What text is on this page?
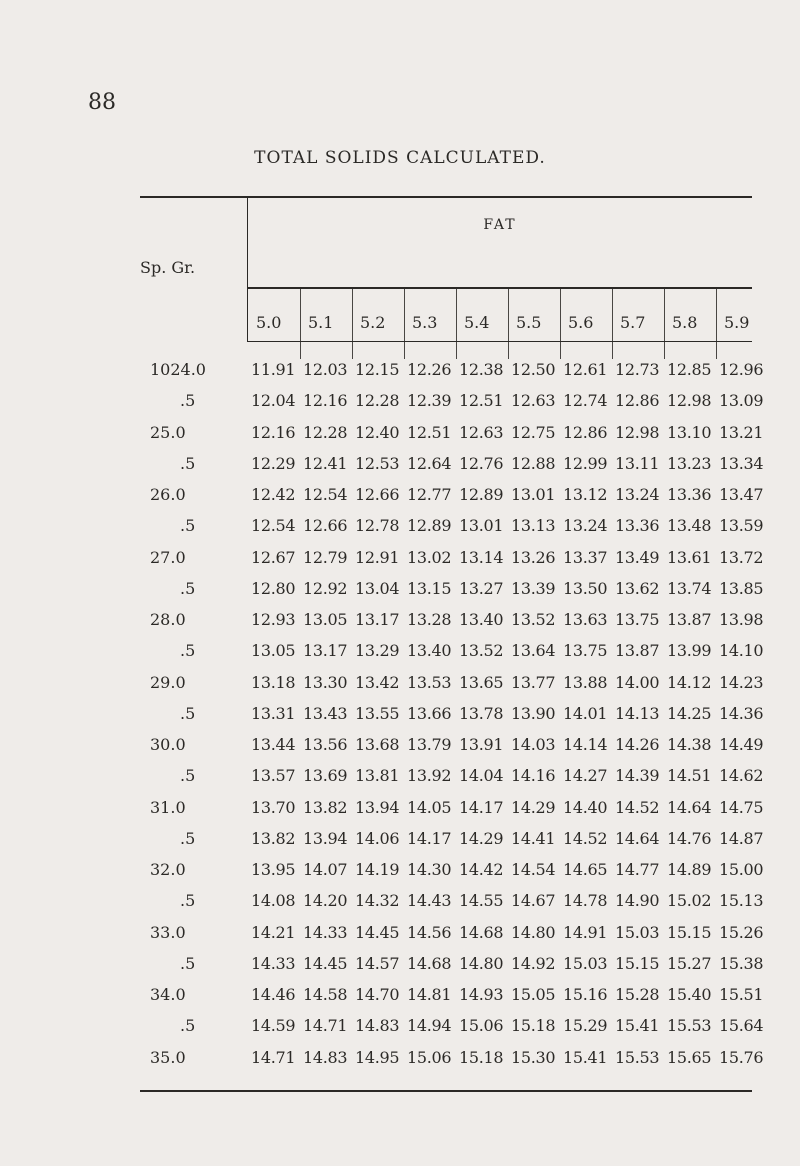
88
TOTAL SOLIDS CALCULATED.
FAT
Sp. Gr.
5.0 5.1 5.2 5.3 5.4 5.5 5.6 5.7 5.8 5.9
1024.0	11.91 12.03 12.15 12.26 12.38 12.50 12.61 12.73 12.85 12.96
.5	12.04 12.16 12.28 12.39 12.51 12.63 12.74 12.86 12.98 13.09
25.0	12.16 12.28 12.40 12.51 12.63 12.75 12.86 12.98 13.10 13.21
.5	12.29 12.41 12.53 12.64 12.76 12.88 12.99 13.11 13.23 13.34
26.0	12.42 12.54 12.66 12.77 12.89 13.01 13.12 13.24 13.36 13.47
.5	12.54 12.66 12.78 12.89 13.01 13.13 13.24 13.36 13.48 13.59
27.0	12.67 12.79 12.91 13.02 13.14 13.26 13.37 13.49 13.61 13.72
.5	12.80 12.92 13.04 13.15 13.27 13.39 13.50 13.62 13.74 13.85
28.0	12.93 13.05 13.17 13.28 13.40 13.52 13.63 13.75 13.87 13.98
.5	13.05 13.17 13.29 13.40 13.52 13.64 13.75 13.87 13.99 14.10
29.0	13.18 13.30 13.42 13.53 13.65 13.77 13.88 14.00 14.12 14.23
.5	13.31 13.43 13.55 13.66 13.78 13.90 14.01 14.13 14.25 14.36
30.0	13.44 13.56 13.68 13.79 13.91 14.03 14.14 14.26 14.38 14.49
.5	13.57 13.69 13.81 13.92 14.04 14.16 14.27 14.39 14.51 14.62
31.0	13.70 13.82 13.94 14.05 14.17 14.29 14.40 14.52 14.64 14.75
.5	13.82 13.94 14.06 14.17 14.29 14.41 14.52 14.64 14.76 14.87
32.0	13.95 14.07 14.19 14.30 14.42 14.54 14.65 14.77 14.89 15.00
.5	14.08 14.20 14.32 14.43 14.55 14.67 14.78 14.90 15.02 15.13
33.0	14.21 14.33 14.45 14.56 14.68 14.80 14.91 15.03 15.15 15.26
.5	14.33 14.45 14.57 14.68 14.80 14.92 15.03 15.15 15.27 15.38
34.0	14.46 14.58 14.70 14.81 14.93 15.05 15.16 15.28 15.40 15.51
.5	14.59 14.71 14.83 14.94 15.06 15.18 15.29 15.41 15.53 15.64
35.0	14.71 14.83 14.95 15.06 15.18 15.30 15.41 15.53 15.65 15.76
